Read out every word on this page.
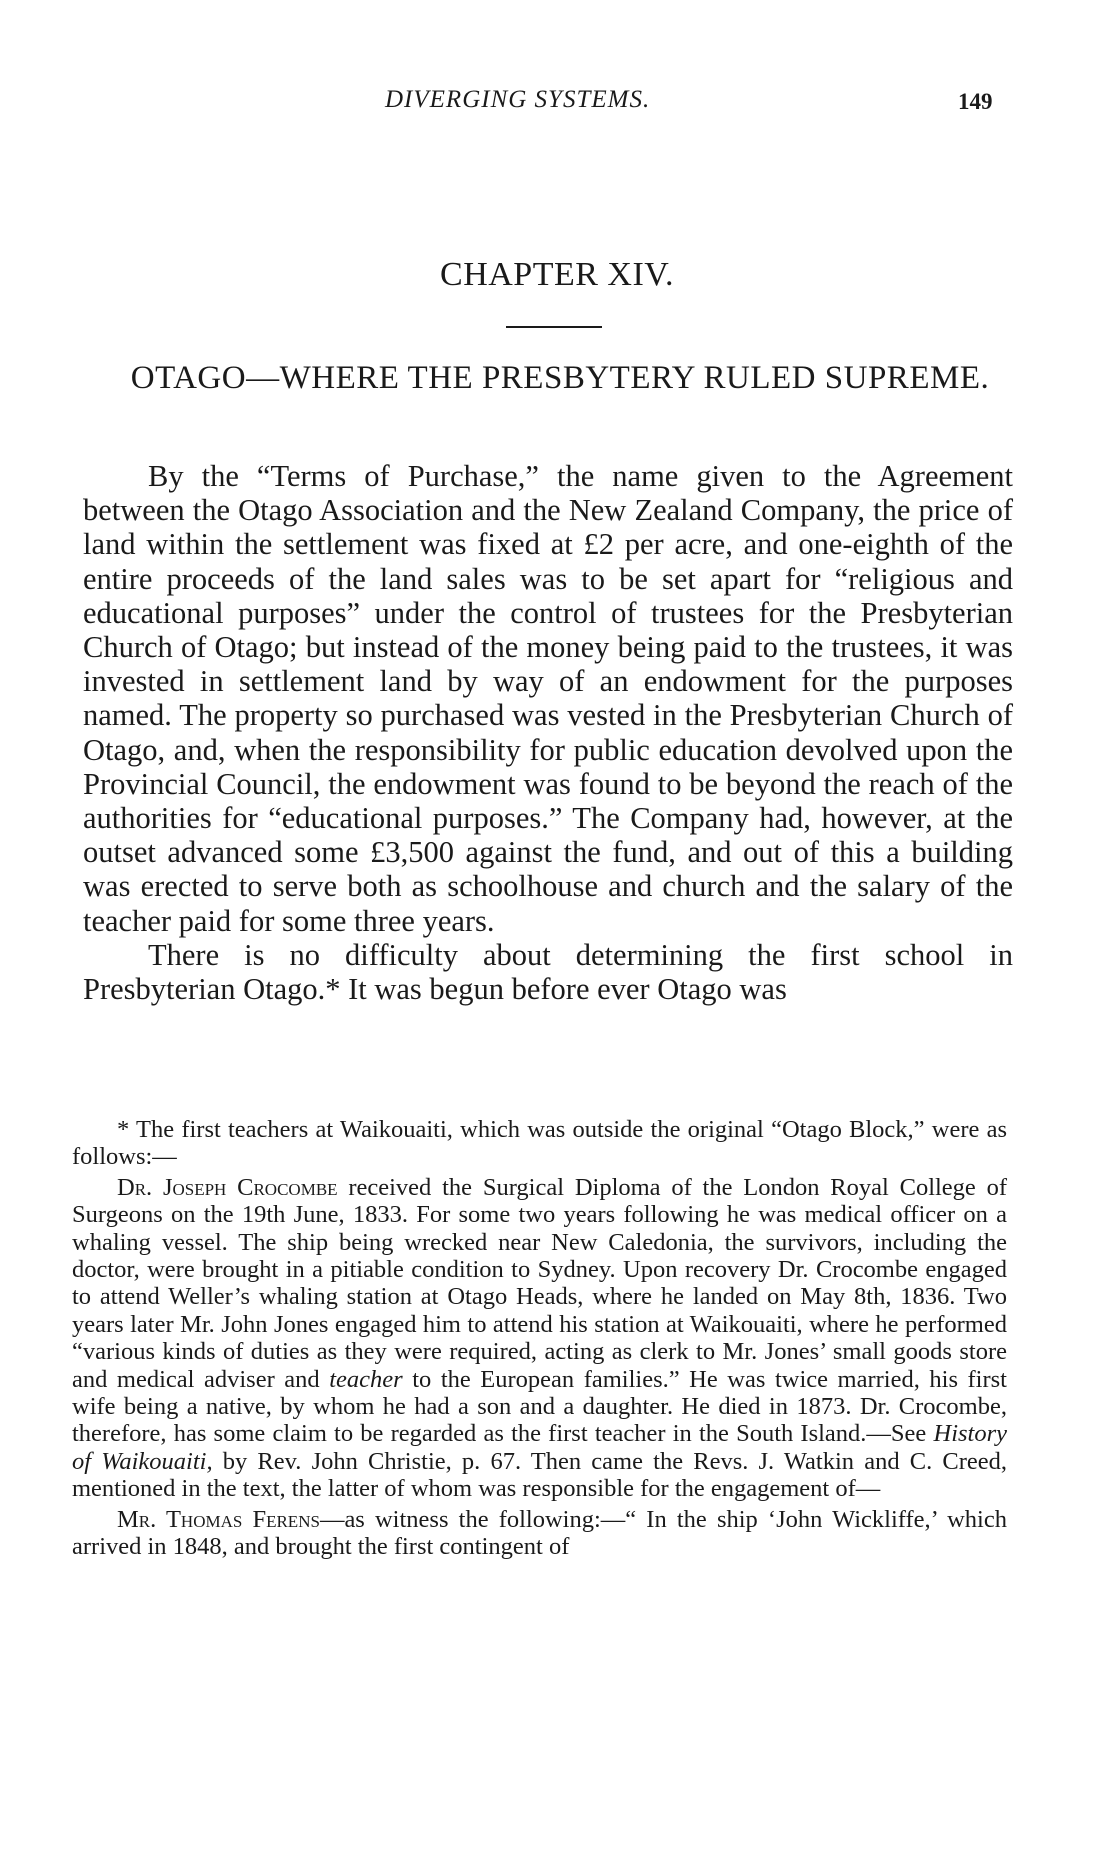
DIVERGING SYSTEMS.	149
CHAPTER XIV.
OTAGO—WHERE THE PRESBYTERY RULED SUPREME.

By the “Terms of Purchase,” the name given to the Agreement between the Otago Association and the New Zealand Company, the price of land within the settlement was fixed at £2 per acre, and one-eighth of the entire proceeds of the land sales was to be set apart for “religious and educational purposes” under the control of trustees for the Presbyterian Church of Otago; but instead of the money being paid to the trustees, it was invested in settlement land by way of an endowment for the purposes named. The property so purchased was vested in the Presbyterian Church of Otago, and, when the responsibility for public education devolved upon the Provincial Council, the endowment was found to be beyond the reach of the authorities for “educational purposes.” The Company had, however, at the outset advanced some £3,500 against the fund, and out of this a building was erected to serve both as schoolhouse and church and the salary of the teacher paid for some three years.

There is no difficulty about determining the first school in Presbyterian Otago.* It was begun before ever Otago was

* The first teachers at Waikouaiti, which was outside the original “Otago Block,” were as follows:—

Dr. Joseph Crocombe received the Surgical Diploma of the London Royal College of Surgeons on the 19th June, 1833. For some two years following he was medical officer on a whaling vessel. The ship being wrecked near New Caledonia, the survivors, including the doctor, were brought in a pitiable condition to Sydney. Upon recovery Dr. Crocombe engaged to attend Weller’s whaling station at Otago Heads, where he landed on May 8th, 1836. Two years later Mr. John Jones engaged him to attend his station at Waikouaiti, where he performed “various kinds of duties as they were required, acting as clerk to Mr. Jones’ small goods store and medical adviser and teacher to the European families.” He was twice married, his first wife being a native, by whom he had a son and a daughter. He died in 1873. Dr. Crocombe, therefore, has some claim to be regarded as the first teacher in the South Island.—See History of Waikouaiti, by Rev. John Christie, p. 67. Then came the Revs. J. Watkin and C. Creed, mentioned in the text, the latter of whom was responsible for the engagement of—

Mr. Thomas Ferens—as witness the following:—“ In the ship ‘John Wickliffe,’ which arrived in 1848, and brought the first contingent of
